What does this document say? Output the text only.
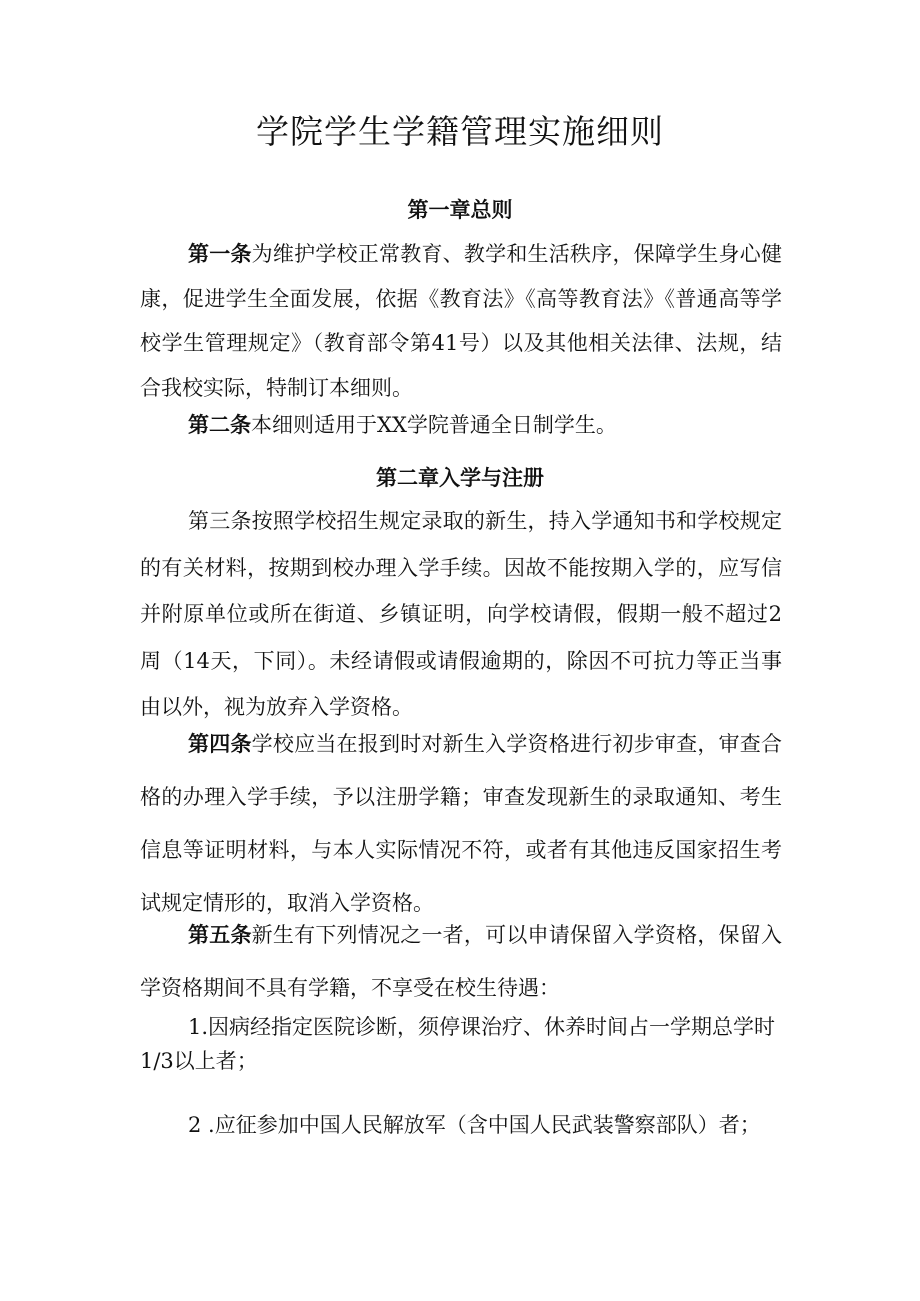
学院学生学籍管理实施细则
第一章总则

第一条为维护学校正常教育、教学和生活秩序，保障学生身心健康，促进学生全面发展，依据《教育法》《高等教育法》《普通高等学校学生管理规定》（教育部令第41号）以及其他相关法律、法规，结合我校实际，特制订本细则。

第二条本细则适用于XX学院普通全日制学生。

第二章入学与注册

第三条按照学校招生规定录取的新生，持入学通知书和学校规定的有关材料，按期到校办理入学手续。因故不能按期入学的，应写信并附原单位或所在街道、乡镇证明，向学校请假，假期一般不超过2周（14天，下同）。未经请假或请假逾期的，除因不可抗力等正当事由以外，视为放弃入学资格。

第四条学校应当在报到时对新生入学资格进行初步审查，审查合格的办理入学手续，予以注册学籍；审查发现新生的录取通知、考生信息等证明材料，与本人实际情况不符，或者有其他违反国家招生考试规定情形的，取消入学资格。

第五条新生有下列情况之一者，可以申请保留入学资格，保留入学资格期间不具有学籍，不享受在校生待遇：

1.因病经指定医院诊断，须停课治疗、休养时间占一学期总学时1/3以上者；

2 .应征参加中国人民解放军（含中国人民武装警察部队）者；
